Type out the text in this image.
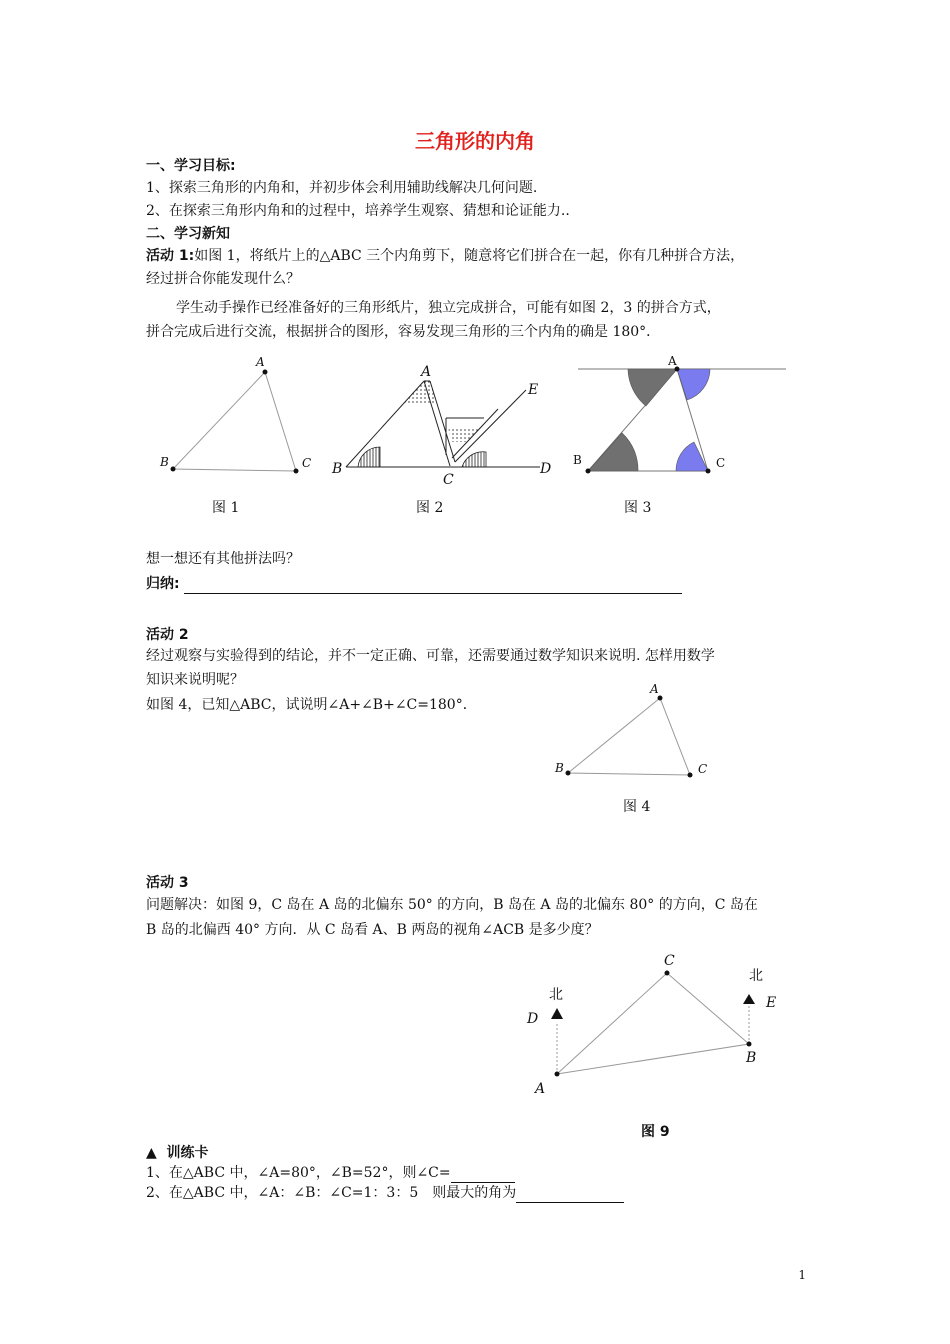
三角形的内角
一、学习目标:
1、探索三角形的内角和，并初步体会利用辅助线解决几何问题.
2、在探索三角形内角和的过程中，培养学生观察、猜想和论证能力..
二、学习新知
活动 1:如图 1，将纸片上的△ABC 三个内角剪下，随意将它们拼合在一起，你有几种拼合方法，
经过拼合你能发现什么？
学生动手操作已经准备好的三角形纸片，独立完成拼合，可能有如图 2，3 的拼合方式，
拼合完成后进行交流，根据拼合的图形，容易发现三角形的三个内角的确是 180°．
A
B	C
A
B
C
D
E
A
B	C
图 1	图 2	图 3
想一想还有其他拼法吗？
归纳:
活动 2
经过观察与实验得到的结论，并不一定正确、可靠，还需要通过数学知识来说明. 怎样用数学
知识来说明呢？
如图 4，已知△ABC，试说明∠A+∠B+∠C=180°．
A
B	C
图 4
活动 3
问题解决：如图 9，C 岛在 A 岛的北偏东 50° 的方向，B 岛在 A 岛的北偏东 80° 的方向，C 岛在
B 岛的北偏西 40° 方向．从 C 岛看 A、B 两岛的视角∠ACB 是多少度？
C
北
北
D
E
B
A
图 9
▲ 训练卡
1、在△ABC 中，∠A=80°，∠B=52°，则∠C=
2、在△ABC 中，∠A：∠B：∠C=1：3：5　则最大的角为
1
